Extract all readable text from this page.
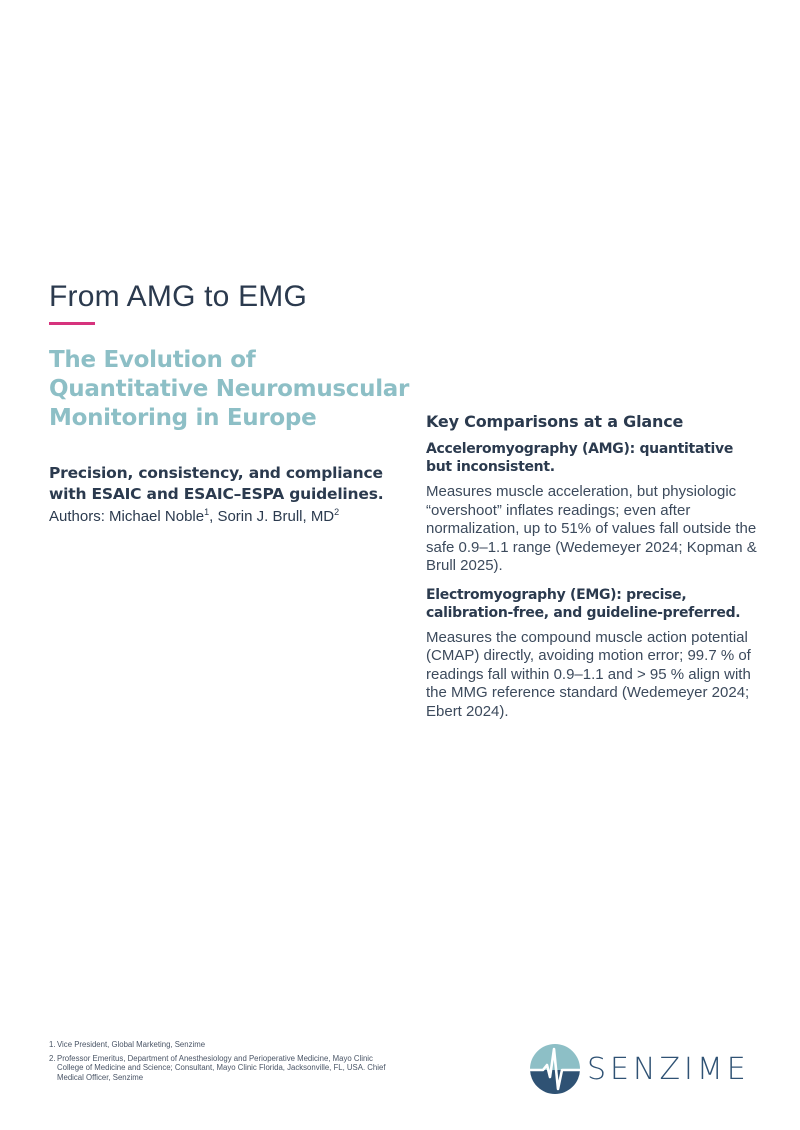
From AMG to EMG
The Evolution of Quantitative Neuromuscular Monitoring in Europe

Precision, consistency, and compliance with ESAIC and ESAIC–ESPA guidelines.

Authors: Michael Noble$^1$, Sorin J. Brull, $MD^2$

Key Comparisons at a Glance
Acceleromyography (AMG): quantitative but inconsistent.

Measures muscle acceleration, but physiologic “overshoot” inflates readings; even after normalization, up to 51% of values fall outside the safe 0.9–1.1 range (Wedemeyer 2024; Kopman & Brull 2025).

Electromyography (EMG): precise, calibration-free, and guideline-preferred.

Measures the compound muscle action potential (CMAP) directly, avoiding motion error; 99.7 % of readings fall within 0.9–1.1 and > 95 % align with the MMG reference standard (Wedemeyer 2024; Ebert 2024).

1. Vice President, Global Marketing, Senzime
2. Professor Emeritus, Department of Anesthesiology and Perioperative Medicine, Mayo Clinic College of Medicine and Science; Consultant, Mayo Clinic Florida, Jacksonville, FL, USA. Chief Medical Officer, Senzime	SENZIME
